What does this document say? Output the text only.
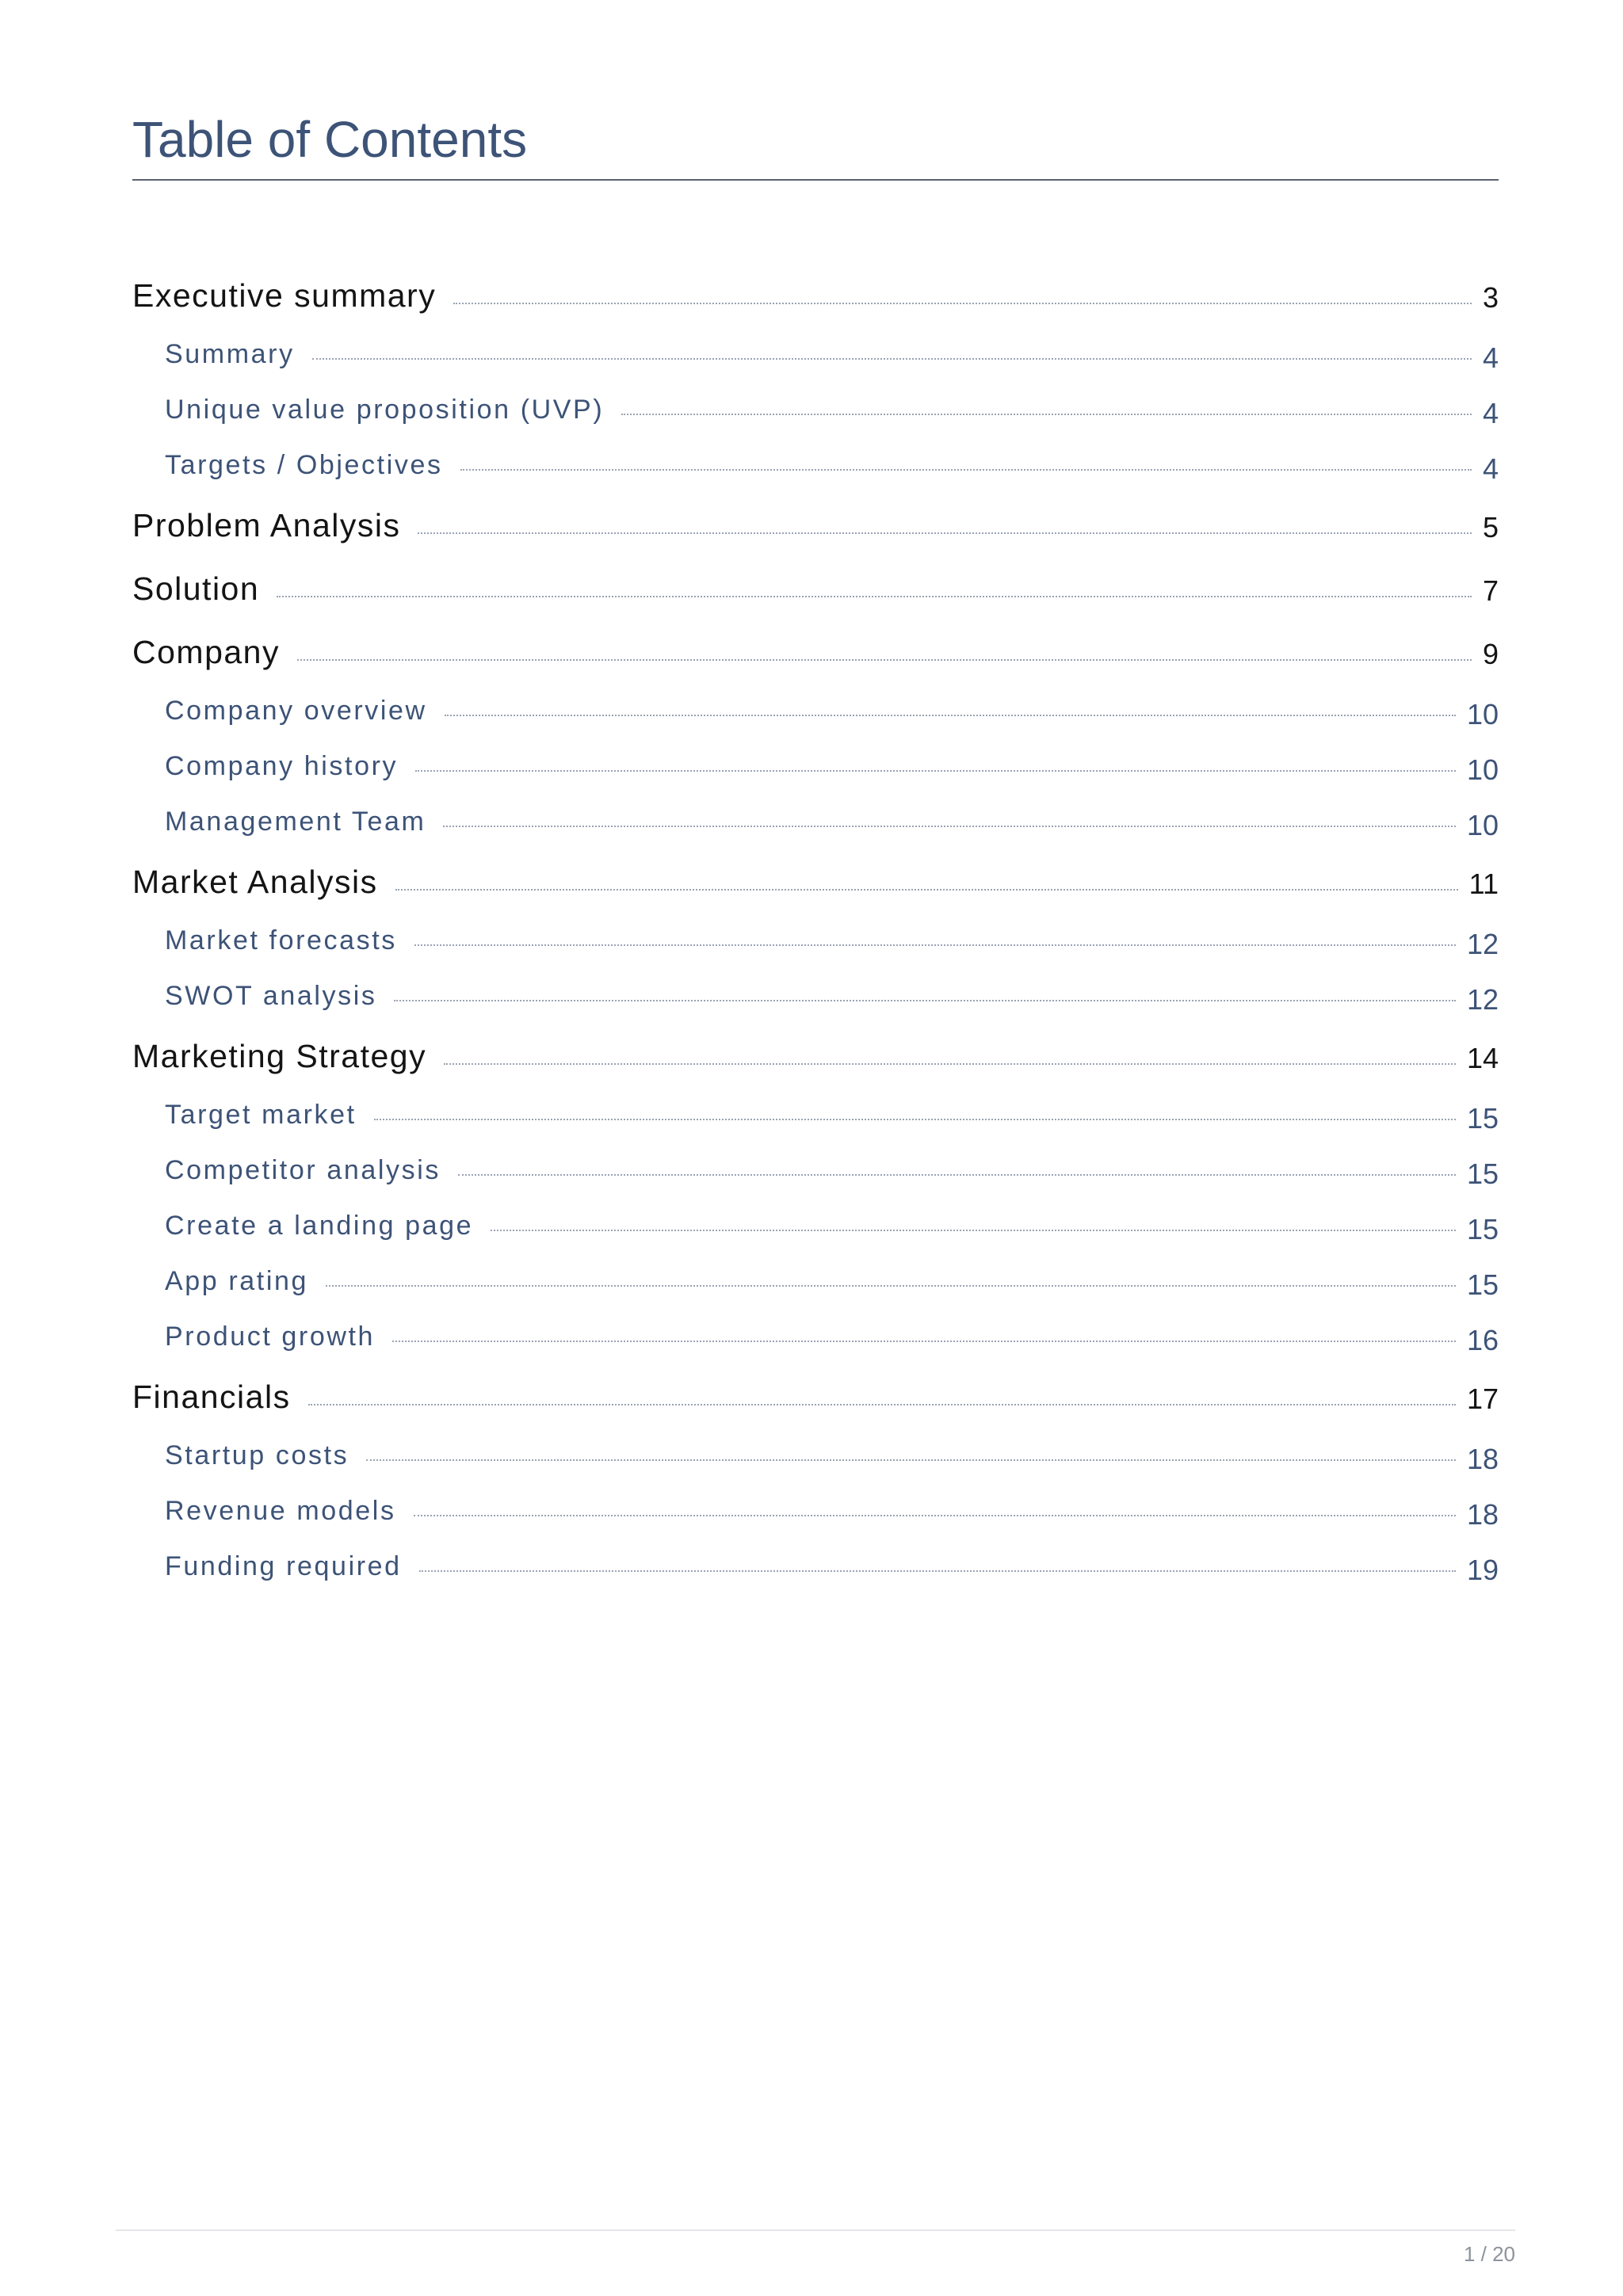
Table of Contents
Executive summary	3
Summary	4
Unique value proposition (UVP)	4
Targets / Objectives	4
Problem Analysis	5
Solution	7
Company	9
Company overview	10
Company history	10
Management Team	10
Market Analysis	11
Market forecasts	12
SWOT analysis	12
Marketing Strategy	14
Target market	15
Competitor analysis	15
Create a landing page	15
App rating	15
Product growth	16
Financials	17
Startup costs	18
Revenue models	18
Funding required	19
1 / 20
